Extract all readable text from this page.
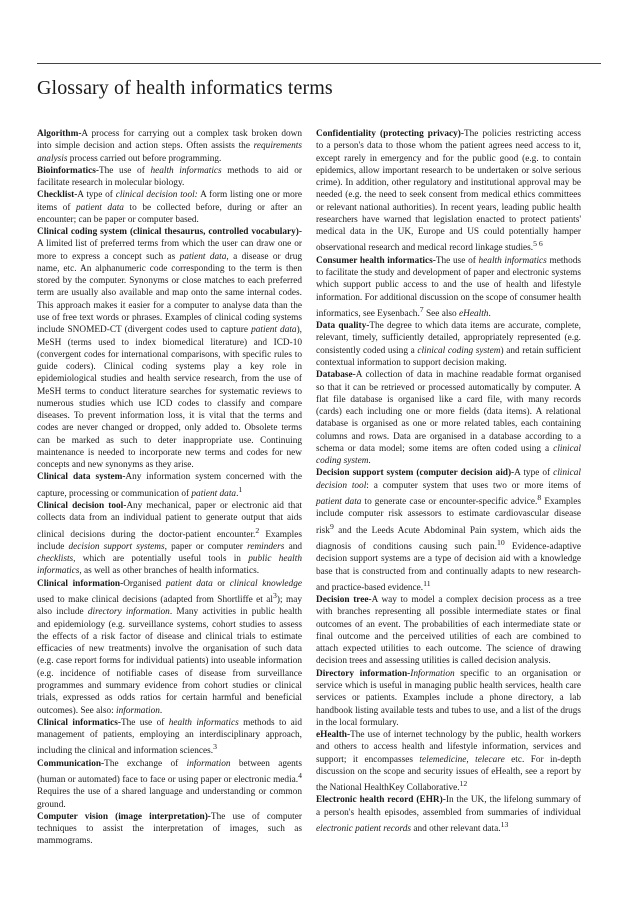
Glossary of health informatics terms

Algorithm-A process for carrying out a complex task broken down into simple decision and action steps. Often assists the requirements analysis process carried out before programming.

Bioinformatics-The use of health informatics methods to aid or facilitate research in molecular biology.

Checklist-A type of clinical decision tool: A form listing one or more items of patient data to be collected before, during or after an encounter; can be paper or computer based.

Clinical coding system (clinical thesaurus, controlled vocabulary)-A limited list of preferred terms from which the user can draw one or more to express a concept such as patient data, a disease or drug name, etc. An alphanumeric code corresponding to the term is then stored by the computer. Synonyms or close matches to each preferred term are usually also available and map onto the same internal codes. This approach makes it easier for a computer to analyse data than the use of free text words or phrases. Examples of clinical coding systems include SNOMED-CT (divergent codes used to capture patient data), MeSH (terms used to index biomedical literature) and ICD-10 (convergent codes for international comparisons, with specific rules to guide coders). Clinical coding systems play a key role in epidemiological studies and health service research, from the use of MeSH terms to conduct literature searches for systematic reviews to numerous studies which use ICD codes to classify and compare diseases. To prevent information loss, it is vital that the terms and codes are never changed or dropped, only added to. Obsolete terms can be marked as such to deter inappropriate use. Continuing maintenance is needed to incorporate new terms and codes for new concepts and new synonyms as they arise.

Clinical data system-Any information system concerned with the capture, processing or communication of patient data.$^1$

Clinical decision tool-Any mechanical, paper or electronic aid that collects data from an individual patient to generate output that aids clinical decisions during the doctor-patient encounter.$^2$ Examples include decision support systems, paper or computer reminders and checklists, which are potentially useful tools in public health informatics, as well as other branches of health informatics.

Clinical information-Organised patient data or clinical knowledge used to make clinical decisions (adapted from Shortliffe et $al^3$); may also include directory information. Many activities in public health and epidemiology (e.g. surveillance systems, cohort studies to assess the effects of a risk factor of disease and clinical trials to estimate efficacies of new treatments) involve the organisation of such data (e.g. case report forms for individual patients) into useable information (e.g. incidence of notifiable cases of disease from surveillance programmes and summary evidence from cohort studies or clinical trials, expressed as odds ratios for certain harmful and beneficial outcomes). See also: information.

Clinical informatics-The use of health informatics methods to aid management of patients, employing an interdisciplinary approach, including the clinical and information sciences.$^3$

Communication-The exchange of information between agents (human or automated) face to face or using paper or electronic media.$^4$ Requires the use of a shared language and understanding or common ground.

Computer vision (image interpretation)-The use of computer techniques to assist the interpretation of images, such as mammograms.

Confidentiality (protecting privacy)-The policies restricting access to a person's data to those whom the patient agrees need access to it, except rarely in emergency and for the public good (e.g. to contain epidemics, allow important research to be undertaken or solve serious crime). In addition, other regulatory and institutional approval may be needed (e.g. the need to seek consent from medical ethics committees or relevant national authorities). In recent years, leading public health researchers have warned that legislation enacted to protect patients' medical data in the UK, Europe and US could potentially hamper observational research and medical record linkage studies.$^{5 6}$

Consumer health informatics-The use of health informatics methods to facilitate the study and development of paper and electronic systems which support public access to and the use of health and lifestyle information. For additional discussion on the scope of consumer health informatics, see Eysenbach.$^7$ See also eHealth.

Data quality-The degree to which data items are accurate, complete, relevant, timely, sufficiently detailed, appropriately represented (e.g. consistently coded using a clinical coding system) and retain sufficient contextual information to support decision making.

Database-A collection of data in machine readable format organised so that it can be retrieved or processed automatically by computer. A flat file database is organised like a card file, with many records (cards) each including one or more fields (data items). A relational database is organised as one or more related tables, each containing columns and rows. Data are organised in a database according to a schema or data model; some items are often coded using a clinical coding system.

Decision support system (computer decision aid)-A type of clinical decision tool: a computer system that uses two or more items of patient data to generate case or encounter-specific advice.$^8$ Examples include computer risk assessors to estimate cardiovascular disease risk$^9$ and the Leeds Acute Abdominal Pain system, which aids the diagnosis of conditions causing such pain.$^{10}$ Evidence-adaptive decision support systems are a type of decision aid with a knowledge base that is constructed from and continually adapts to new research- and practice-based evidence.$^{11}$

Decision tree-A way to model a complex decision process as a tree with branches representing all possible intermediate states or final outcomes of an event. The probabilities of each intermediate state or final outcome and the perceived utilities of each are combined to attach expected utilities to each outcome. The science of drawing decision trees and assessing utilities is called decision analysis.

Directory information-Information specific to an organisation or service which is useful in managing public health services, health care services or patients. Examples include a phone directory, a lab handbook listing available tests and tubes to use, and a list of the drugs in the local formulary.

eHealth-The use of internet technology by the public, health workers and others to access health and lifestyle information, services and support; it encompasses telemedicine, telecare etc. For in-depth discussion on the scope and security issues of eHealth, see a report by the National HealthKey Collaborative.$^{12}$

Electronic health record (EHR)-In the UK, the lifelong summary of a person's health episodes, assembled from summaries of individual electronic patient records and other relevant data.$^{13}$
